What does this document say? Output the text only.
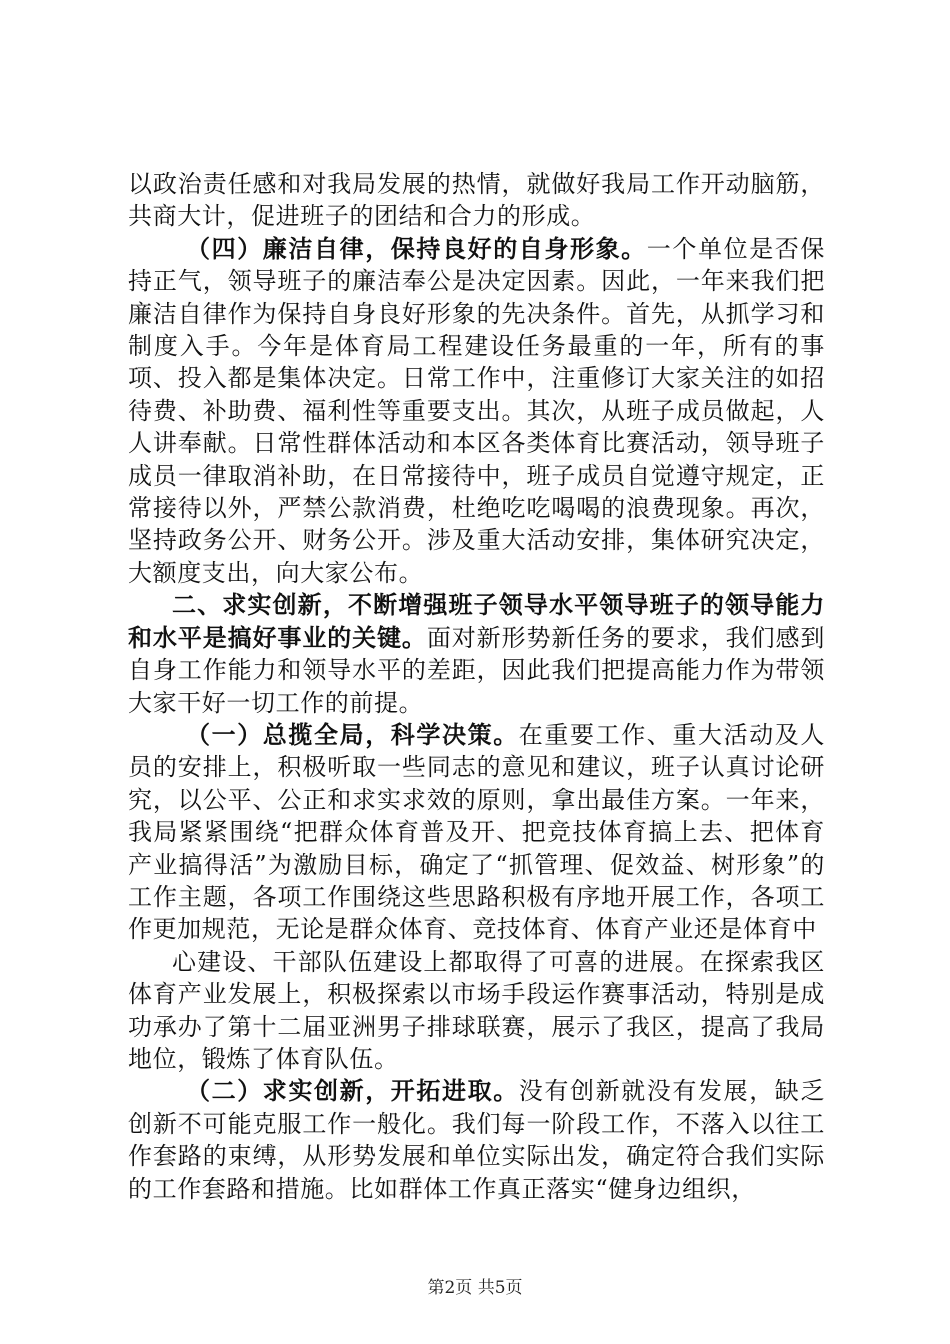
以政治责任感和对我局发展的热情，就做好我局工作开动脑筋，共商大计，促进班子的团结和合力的形成。

（四）廉洁自律，保持良好的自身形象。一个单位是否保持正气，领导班子的廉洁奉公是决定因素。因此，一年来我们把廉洁自律作为保持自身良好形象的先决条件。首先，从抓学习和制度入手。今年是体育局工程建设任务最重的一年，所有的事项、投入都是集体决定。日常工作中，注重修订大家关注的如招待费、补助费、福利性等重要支出。其次，从班子成员做起，人人讲奉献。日常性群体活动和本区各类体育比赛活动，领导班子成员一律取消补助，在日常接待中，班子成员自觉遵守规定，正常接待以外，严禁公款消费，杜绝吃吃喝喝的浪费现象。再次，坚持政务公开、财务公开。涉及重大活动安排，集体研究决定，大额度支出，向大家公布。

二、求实创新，不断增强班子领导水平领导班子的领导能力和水平是搞好事业的关键。面对新形势新任务的要求，我们感到自身工作能力和领导水平的差距，因此我们把提高能力作为带领大家干好一切工作的前提。

（一）总揽全局，科学决策。在重要工作、重大活动及人员的安排上，积极听取一些同志的意见和建议，班子认真讨论研究，以公平、公正和求实求效的原则，拿出最佳方案。一年来，我局紧紧围绕“把群众体育普及开、把竞技体育搞上去、把体育产业搞得活”为激励目标，确定了“抓管理、促效益、树形象”的工作主题，各项工作围绕这些思路积极有序地开展工作，各项工作更加规范，无论是群众体育、竞技体育、体育产业还是体育中

心建设、干部队伍建设上都取得了可喜的进展。在探索我区体育产业发展上，积极探索以市场手段运作赛事活动，特别是成功承办了第十二届亚洲男子排球联赛，展示了我区，提高了我局地位，锻炼了体育队伍。

（二）求实创新，开拓进取。没有创新就没有发展，缺乏创新不可能克服工作一般化。我们每一阶段工作，不落入以往工作套路的束缚，从形势发展和单位实际出发，确定符合我们实际的工作套路和措施。比如群体工作真正落实“健身边组织，

第2页 共5页
